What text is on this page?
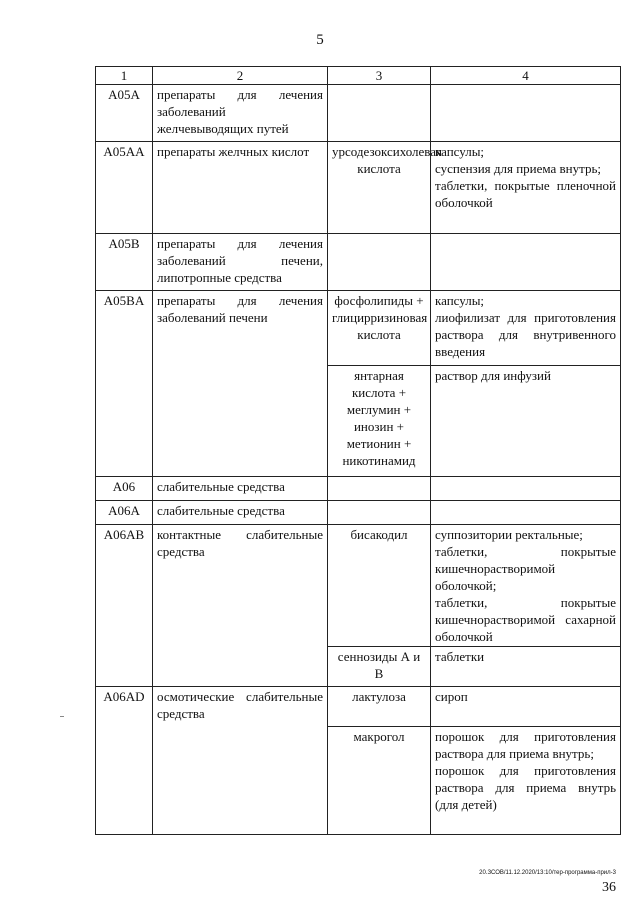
5
1	2	3	4
A05A	препараты для лечения заболеваний желчевыводящих путей		
A05AA	препараты желчных кислот	урсодезоксихолевая кислота	капсулы;
суспензия для приема внутрь;
таблетки, покрытые пленочной оболочкой

A05B	препараты для лечения заболеваний печени, липотропные средства		
A05BA	препараты для лечения заболеваний печени	фосфолипиды + глицирризиновая кислота	капсулы;
лиофилизат для приготовления раствора для внутривенного введения

		янтарная кислота + меглумин + инозин + метионин + никотинамид	раствор для инфузий

A06	слабительные средства		
A06A	слабительные средства		
A06AB	контактные слабительные средства	бисакодил	суппозитории ректальные;
таблетки, покрытые кишечнорастворимой оболочкой;
таблетки, покрытые кишечнорастворимой сахарной оболочкой

		сеннозиды А и В	таблетки

A06AD	осмотические слабительные средства	лактулоза	сироп

		макрогол	порошок для приготовления раствора для приема внутрь;
порошок для приготовления раствора для приема внутрь (для детей)
20.ЗСОВ/11.12.2020/13:10/тер-программа-прил-3
36
